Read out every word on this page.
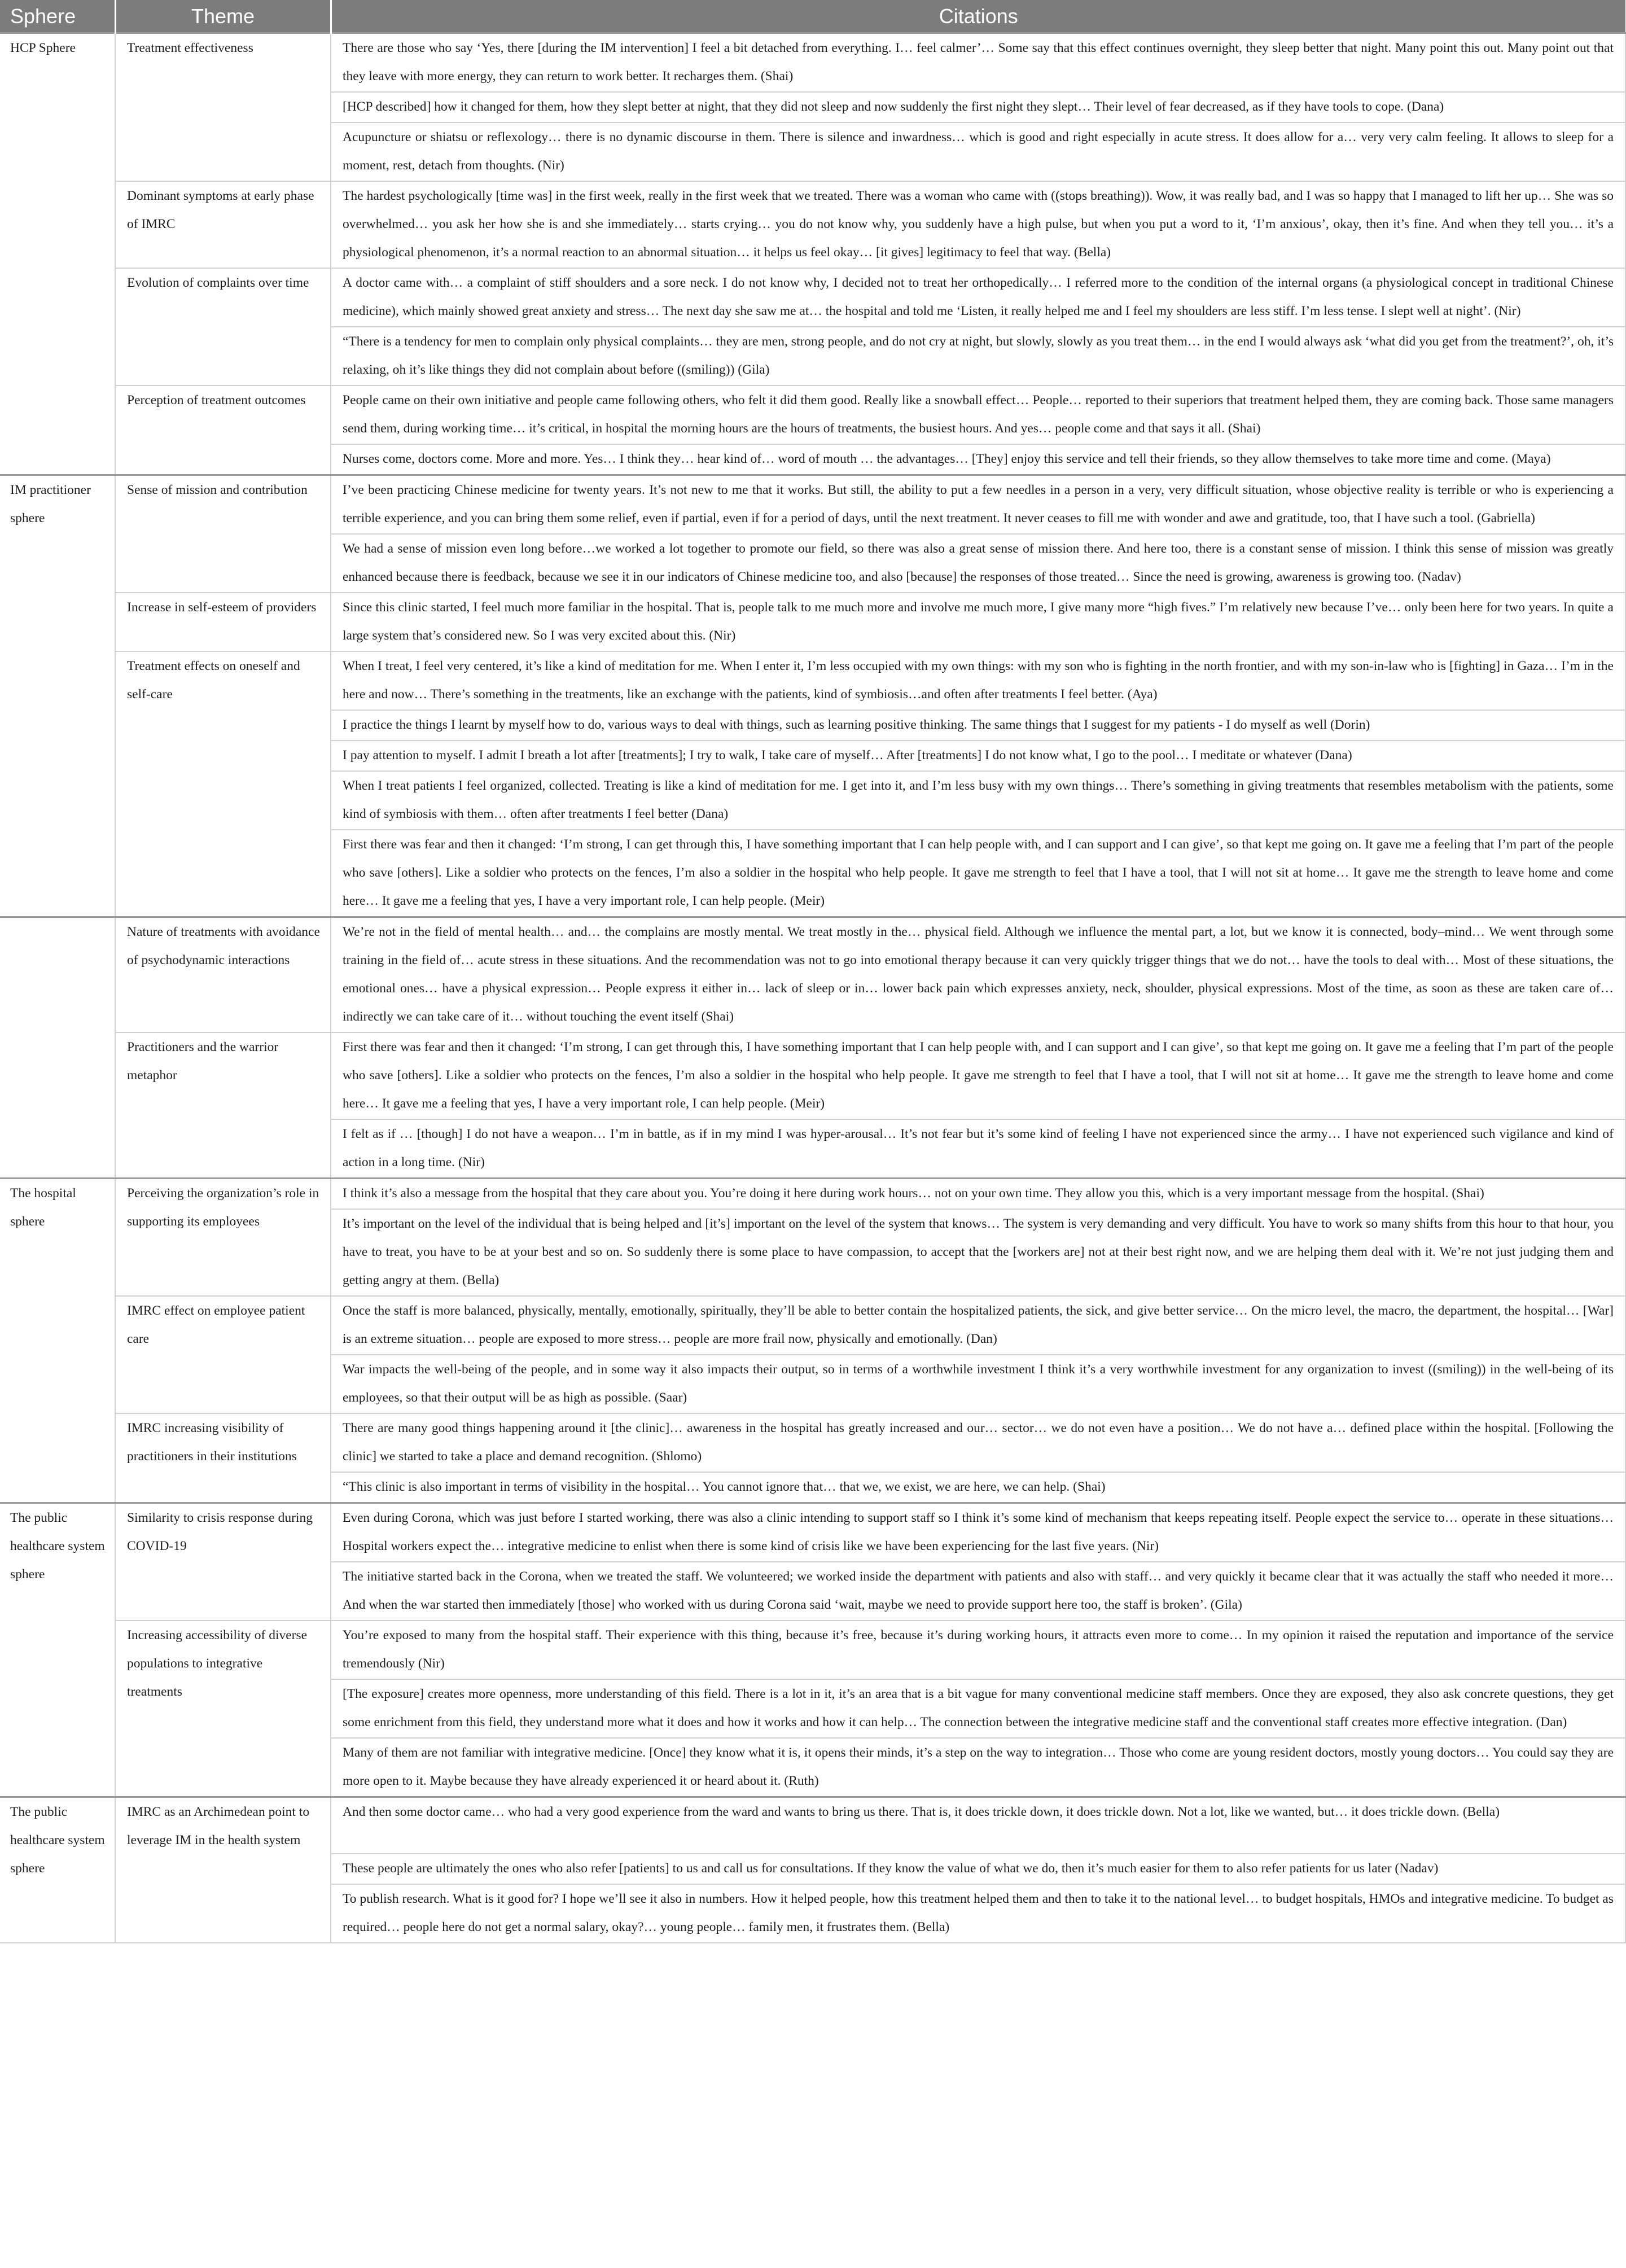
Sphere	Theme	Citations
HCP Sphere	Treatment effectiveness	There are those who say ‘Yes, there [during the IM intervention] I feel a bit detached from everything. I… feel calmer’… Some say that this effect continues overnight, they sleep better that night. Many point this out. Many point out that they leave with more energy, they can return to work better. It recharges them. (Shai)
		[HCP described] how it changed for them, how they slept better at night, that they did not sleep and now suddenly the first night they slept… Their level of fear decreased, as if they have tools to cope. (Dana)
		Acupuncture or shiatsu or reflexology… there is no dynamic discourse in them. There is silence and inwardness… which is good and right especially in acute stress. It does allow for a… very very calm feeling. It allows to sleep for a moment, rest, detach from thoughts. (Nir)
	Dominant symptoms at early phase of IMRC	The hardest psychologically [time was] in the first week, really in the first week that we treated. There was a woman who came with ((stops breathing)). Wow, it was really bad, and I was so happy that I managed to lift her up… She was so overwhelmed… you ask her how she is and she immediately… starts crying… you do not know why, you suddenly have a high pulse, but when you put a word to it, ‘I’m anxious’, okay, then it’s fine. And when they tell you… it’s a physiological phenomenon, it’s a normal reaction to an abnormal situation… it helps us feel okay… [it gives] legitimacy to feel that way. (Bella)
	Evolution of complaints over time	A doctor came with… a complaint of stiff shoulders and a sore neck. I do not know why, I decided not to treat her orthopedically… I referred more to the condition of the internal organs (a physiological concept in traditional Chinese medicine), which mainly showed great anxiety and stress… The next day she saw me at… the hospital and told me ‘Listen, it really helped me and I feel my shoulders are less stiff. I’m less tense. I slept well at night’. (Nir)
		“There is a tendency for men to complain only physical complaints… they are men, strong people, and do not cry at night, but slowly, slowly as you treat them… in the end I would always ask ‘what did you get from the treatment?’, oh, it’s relaxing, oh it’s like things they did not complain about before ((smiling)) (Gila)
	Perception of treatment outcomes	People came on their own initiative and people came following others, who felt it did them good. Really like a snowball effect… People… reported to their superiors that treatment helped them, they are coming back. Those same managers send them, during working time… it’s critical, in hospital the morning hours are the hours of treatments, the busiest hours. And yes… people come and that says it all. (Shai)
		Nurses come, doctors come. More and more. Yes… I think they… hear kind of… word of mouth … the advantages… [They] enjoy this service and tell their friends, so they allow themselves to take more time and come. (Maya)
IM practitioner sphere	Sense of mission and contribution	I’ve been practicing Chinese medicine for twenty years. It’s not new to me that it works. But still, the ability to put a few needles in a person in a very, very difficult situation, whose objective reality is terrible or who is experiencing a terrible experience, and you can bring them some relief, even if partial, even if for a period of days, until the next treatment. It never ceases to fill me with wonder and awe and gratitude, too, that I have such a tool. (Gabriella)
		We had a sense of mission even long before…we worked a lot together to promote our field, so there was also a great sense of mission there. And here too, there is a constant sense of mission. I think this sense of mission was greatly enhanced because there is feedback, because we see it in our indicators of Chinese medicine too, and also [because] the responses of those treated… Since the need is growing, awareness is growing too. (Nadav)
	Increase in self-esteem of providers	Since this clinic started, I feel much more familiar in the hospital. That is, people talk to me much more and involve me much more, I give many more “high fives.” I’m relatively new because I’ve… only been here for two years. In quite a large system that’s considered new. So I was very excited about this. (Nir)
	Treatment effects on oneself and self-care	When I treat, I feel very centered, it’s like a kind of meditation for me. When I enter it, I’m less occupied with my own things: with my son who is fighting in the north frontier, and with my son-in-law who is [fighting] in Gaza… I’m in the here and now… There’s something in the treatments, like an exchange with the patients, kind of symbiosis…and often after treatments I feel better. (Aya)
		I practice the things I learnt by myself how to do, various ways to deal with things, such as learning positive thinking. The same things that I suggest for my patients - I do myself as well (Dorin)
		I pay attention to myself. I admit I breath a lot after [treatments]; I try to walk, I take care of myself… After [treatments] I do not know what, I go to the pool… I meditate or whatever (Dana)
		When I treat patients I feel organized, collected. Treating is like a kind of meditation for me. I get into it, and I’m less busy with my own things… There’s something in giving treatments that resembles metabolism with the patients, some kind of symbiosis with them… often after treatments I feel better (Dana)
		First there was fear and then it changed: ‘I’m strong, I can get through this, I have something important that I can help people with, and I can support and I can give’, so that kept me going on. It gave me a feeling that I’m part of the people who save [others]. Like a soldier who protects on the fences, I’m also a soldier in the hospital who help people. It gave me strength to feel that I have a tool, that I will not sit at home… It gave me the strength to leave home and come here… It gave me a feeling that yes, I have a very important role, I can help people. (Meir)
	Nature of treatments with avoidance of psychodynamic interactions	We’re not in the field of mental health… and… the complains are mostly mental. We treat mostly in the… physical field. Although we influence the mental part, a lot, but we know it is connected, body–mind… We went through some training in the field of… acute stress in these situations. And the recommendation was not to go into emotional therapy because it can very quickly trigger things that we do not… have the tools to deal with… Most of these situations, the emotional ones… have a physical expression… People express it either in… lack of sleep or in… lower back pain which expresses anxiety, neck, shoulder, physical expressions. Most of the time, as soon as these are taken care of… indirectly we can take care of it… without touching the event itself (Shai)
	Practitioners and the warrior metaphor	First there was fear and then it changed: ‘I’m strong, I can get through this, I have something important that I can help people with, and I can support and I can give’, so that kept me going on. It gave me a feeling that I’m part of the people who save [others]. Like a soldier who protects on the fences, I’m also a soldier in the hospital who help people. It gave me strength to feel that I have a tool, that I will not sit at home… It gave me the strength to leave home and come here… It gave me a feeling that yes, I have a very important role, I can help people. (Meir)
		I felt as if … [though] I do not have a weapon… I’m in battle, as if in my mind I was hyper-arousal… It’s not fear but it’s some kind of feeling I have not experienced since the army… I have not experienced such vigilance and kind of action in a long time. (Nir)
The hospital sphere	Perceiving the organization’s role in supporting its employees	I think it’s also a message from the hospital that they care about you. You’re doing it here during work hours… not on your own time. They allow you this, which is a very important message from the hospital. (Shai)
		It’s important on the level of the individual that is being helped and [it’s] important on the level of the system that knows… The system is very demanding and very difficult. You have to work so many shifts from this hour to that hour, you have to treat, you have to be at your best and so on. So suddenly there is some place to have compassion, to accept that the [workers are] not at their best right now, and we are helping them deal with it. We’re not just judging them and getting angry at them. (Bella)
	IMRC effect on employee patient care	Once the staff is more balanced, physically, mentally, emotionally, spiritually, they’ll be able to better contain the hospitalized patients, the sick, and give better service… On the micro level, the macro, the department, the hospital… [War] is an extreme situation… people are exposed to more stress… people are more frail now, physically and emotionally. (Dan)
		War impacts the well-being of the people, and in some way it also impacts their output, so in terms of a worthwhile investment I think it’s a very worthwhile investment for any organization to invest ((smiling)) in the well-being of its employees, so that their output will be as high as possible. (Saar)
	IMRC increasing visibility of practitioners in their institutions	There are many good things happening around it [the clinic]… awareness in the hospital has greatly increased and our… sector… we do not even have a position… We do not have a… defined place within the hospital. [Following the clinic] we started to take a place and demand recognition. (Shlomo)
		“This clinic is also important in terms of visibility in the hospital… You cannot ignore that… that we, we exist, we are here, we can help. (Shai)
The public healthcare system sphere	Similarity to crisis response during COVID-19	Even during Corona, which was just before I started working, there was also a clinic intending to support staff so I think it’s some kind of mechanism that keeps repeating itself. People expect the service to… operate in these situations… Hospital workers expect the… integrative medicine to enlist when there is some kind of crisis like we have been experiencing for the last five years. (Nir)
		The initiative started back in the Corona, when we treated the staff. We volunteered; we worked inside the department with patients and also with staff… and very quickly it became clear that it was actually the staff who needed it more… And when the war started then immediately [those] who worked with us during Corona said ‘wait, maybe we need to provide support here too, the staff is broken’. (Gila)
	Increasing accessibility of diverse populations to integrative treatments	You’re exposed to many from the hospital staff. Their experience with this thing, because it’s free, because it’s during working hours, it attracts even more to come… In my opinion it raised the reputation and importance of the service tremendously (Nir)
		[The exposure] creates more openness, more understanding of this field. There is a lot in it, it’s an area that is a bit vague for many conventional medicine staff members. Once they are exposed, they also ask concrete questions, they get some enrichment from this field, they understand more what it does and how it works and how it can help… The connection between the integrative medicine staff and the conventional staff creates more effective integration. (Dan)
		Many of them are not familiar with integrative medicine. [Once] they know what it is, it opens their minds, it’s a step on the way to integration… Those who come are young resident doctors, mostly young doctors… You could say they are more open to it. Maybe because they have already experienced it or heard about it. (Ruth)
The public healthcare system sphere	IMRC as an Archimedean point to leverage IM in the health system	And then some doctor came… who had a very good experience from the ward and wants to bring us there. That is, it does trickle down, it does trickle down. Not a lot, like we wanted, but… it does trickle down. (Bella)
		These people are ultimately the ones who also refer [patients] to us and call us for consultations. If they know the value of what we do, then it’s much easier for them to also refer patients for us later (Nadav)
		To publish research. What is it good for? I hope we’ll see it also in numbers. How it helped people, how this treatment helped them and then to take it to the national level… to budget hospitals, HMOs and integrative medicine. To budget as required… people here do not get a normal salary, okay?… young people… family men, it frustrates them. (Bella)
